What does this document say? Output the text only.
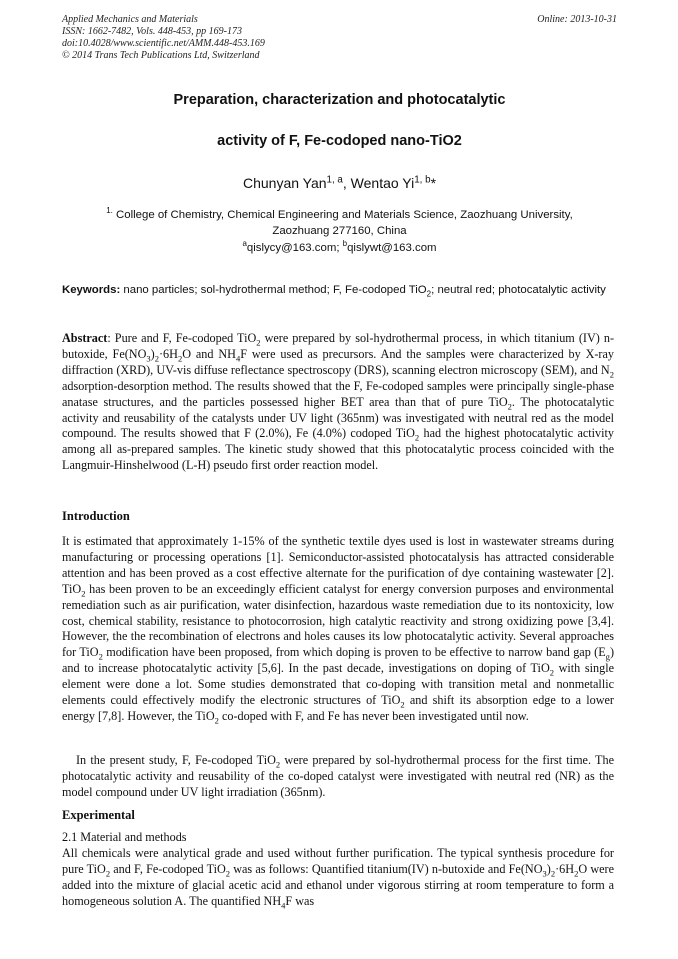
Applied Mechanics and Materials
ISSN: 1662-7482, Vols. 448-453, pp 169-173
doi:10.4028/www.scientific.net/AMM.448-453.169
© 2014 Trans Tech Publications Ltd, Switzerland
Online: 2013-10-31
Preparation, characterization and photocatalytic
activity of F, Fe-codoped nano-TiO2
Chunyan Yan$^{1, a}$, Wentao Yi$^{1, b}$*
$^{1.}$ College of Chemistry, Chemical Engineering and Materials Science, Zaozhuang University,
Zaozhuang 277160, China
$^a$qislycy@163.com; $^b$qislywt@163.com
Keywords: nano particles; sol-hydrothermal method; F, Fe-codoped TiO$_2$; neutral red; photocatalytic activity
Abstract: Pure and F, Fe-codoped TiO$_2$ were prepared by sol-hydrothermal process, in which titanium (IV) n-butoxide, $Fe(NO_3)_2\cdot 6H_2O$ and $NH_4F$ were used as precursors. And the samples were characterized by X-ray diffraction (XRD), UV-vis diffuse reflectance spectroscopy (DRS), scanning electron microscopy (SEM), and $N_2$ adsorption-desorption method. The results showed that the F, Fe-codoped samples were principally single-phase anatase structures, and the particles possessed higher BET area than that of pure TiO$_2$. The photocatalytic activity and reusability of the catalysts under UV light (365nm) was investigated with neutral red as the model compound. The results showed that F (2.0%), Fe (4.0%) codoped TiO$_2$ had the highest photocatalytic activity among all as-prepared samples. The kinetic study showed that this photocatalytic process coincided with the Langmuir-Hinshelwood (L-H) pseudo first order reaction model.
Introduction
It is estimated that approximately 1-15% of the synthetic textile dyes used is lost in wastewater streams during manufacturing or processing operations [1]. Semiconductor-assisted photocatalysis has attracted considerable attention and has been proved as a cost effective alternate for the purification of dye containing wastewater [2]. TiO$_2$ has been proven to be an exceedingly efficient catalyst for energy conversion purposes and environmental remediation such as air purification, water disinfection, hazardous waste remediation due to its nontoxicity, low cost, chemical stability, resistance to photocorrosion, high catalytic reactivity and strong oxidizing powe [3,4]. However, the the recombination of electrons and holes causes its low photocatalytic activity. Several approaches for TiO$_2$ modification have been proposed, from which doping is proven to be effective to narrow band gap $(E_g)$ and to increase photocatalytic activity [5,6]. In the past decade, investigations on doping of TiO$_2$ with single element were done a lot. Some studies demonstrated that co-doping with transition metal and nonmetallic elements could effectively modify the electronic structures of TiO$_2$ and shift its absorption edge to a lower energy [7,8]. However, the TiO$_2$ co-doped with F, and Fe has never been investigated until now.
In the present study, F, Fe-codoped TiO$_2$ were prepared by sol-hydrothermal process for the first time. The photocatalytic activity and reusability of the co-doped catalyst were investigated with neutral red (NR) as the model compound under UV light irradiation (365nm).
Experimental
2.1 Material and methods
All chemicals were analytical grade and used without further purification. The typical synthesis procedure for pure TiO$_2$ and F, Fe-codoped TiO$_2$ was as follows: Quantified titanium(IV) n-butoxide and $Fe(NO_3)_2\cdot 6H_2O$ were added into the mixture of glacial acetic acid and ethanol under vigorous stirring at room temperature to form a homogeneous solution A. The quantified $NH_4F$ was
